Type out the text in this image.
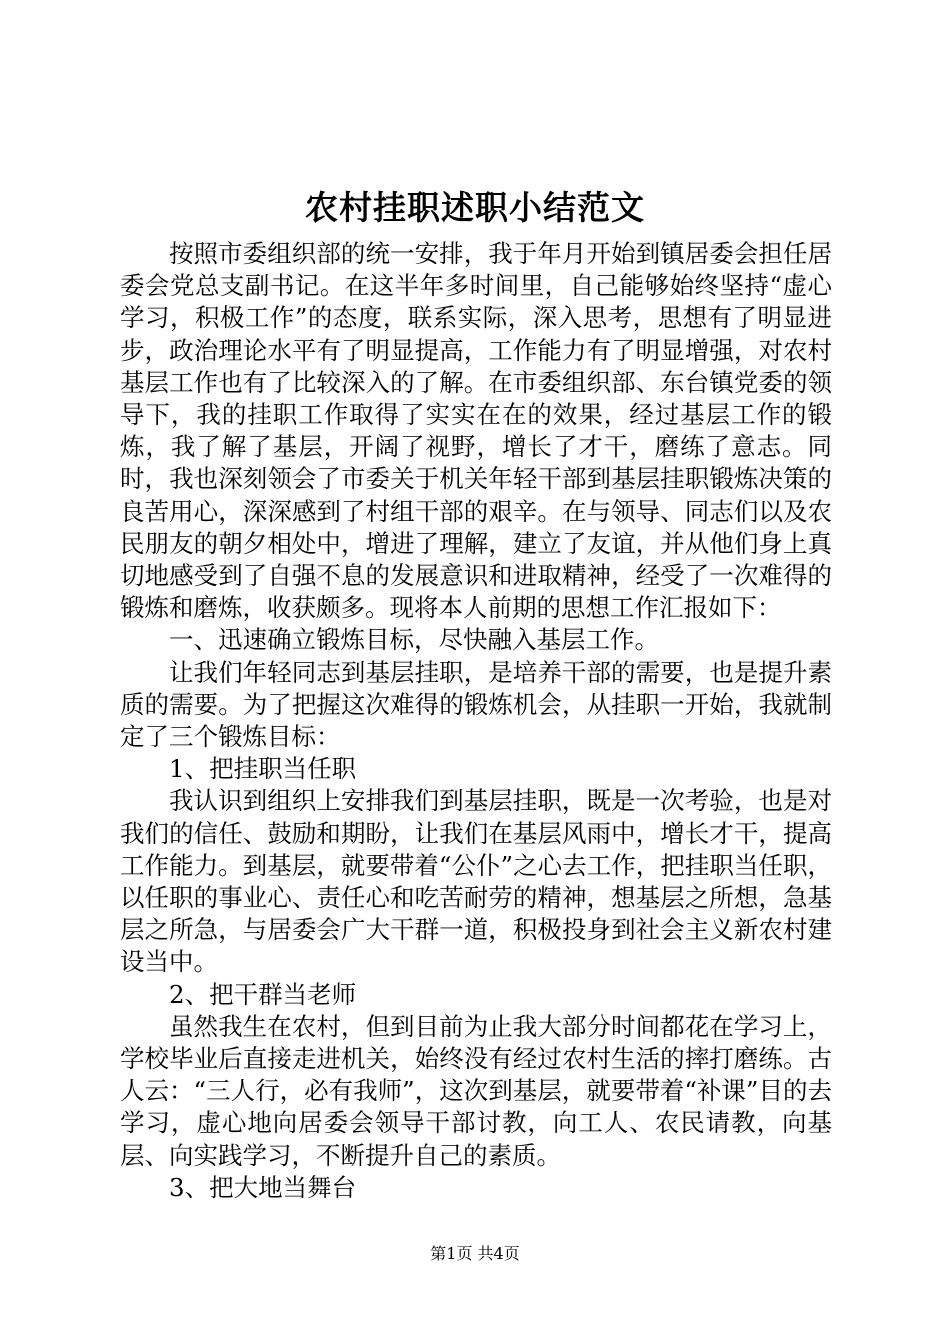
农村挂职述职小结范文

按照市委组织部的统一安排，我于年月开始到镇居委会担任居委会党总支副书记。在这半年多时间里，自己能够始终坚持“虚心学习，积极工作”的态度，联系实际，深入思考，思想有了明显进步，政治理论水平有了明显提高，工作能力有了明显增强，对农村基层工作也有了比较深入的了解。在市委组织部、东台镇党委的领导下，我的挂职工作取得了实实在在的效果，经过基层工作的锻炼，我了解了基层，开阔了视野，增长了才干，磨练了意志。同时，我也深刻领会了市委关于机关年轻干部到基层挂职锻炼决策的良苦用心，深深感到了村组干部的艰辛。在与领导、同志们以及农民朋友的朝夕相处中，增进了理解，建立了友谊，并从他们身上真切地感受到了自强不息的发展意识和进取精神，经受了一次难得的锻炼和磨炼，收获颇多。现将本人前期的思想工作汇报如下：

一、迅速确立锻炼目标，尽快融入基层工作。

让我们年轻同志到基层挂职，是培养干部的需要，也是提升素质的需要。为了把握这次难得的锻炼机会，从挂职一开始，我就制定了三个锻炼目标：

1、把挂职当任职

我认识到组织上安排我们到基层挂职，既是一次考验，也是对我们的信任、鼓励和期盼，让我们在基层风雨中，增长才干，提高工作能力。到基层，就要带着“公仆”之心去工作，把挂职当任职，以任职的事业心、责任心和吃苦耐劳的精神，想基层之所想，急基层之所急，与居委会广大干群一道，积极投身到社会主义新农村建设当中。

2、把干群当老师

虽然我生在农村，但到目前为止我大部分时间都花在学习上，学校毕业后直接走进机关，始终没有经过农村生活的摔打磨练。古人云：“三人行，必有我师”，这次到基层，就要带着“补课”目的去学习，虚心地向居委会领导干部讨教，向工人、农民请教，向基层、向实践学习，不断提升自己的素质。

3、把大地当舞台

第1页 共4页
